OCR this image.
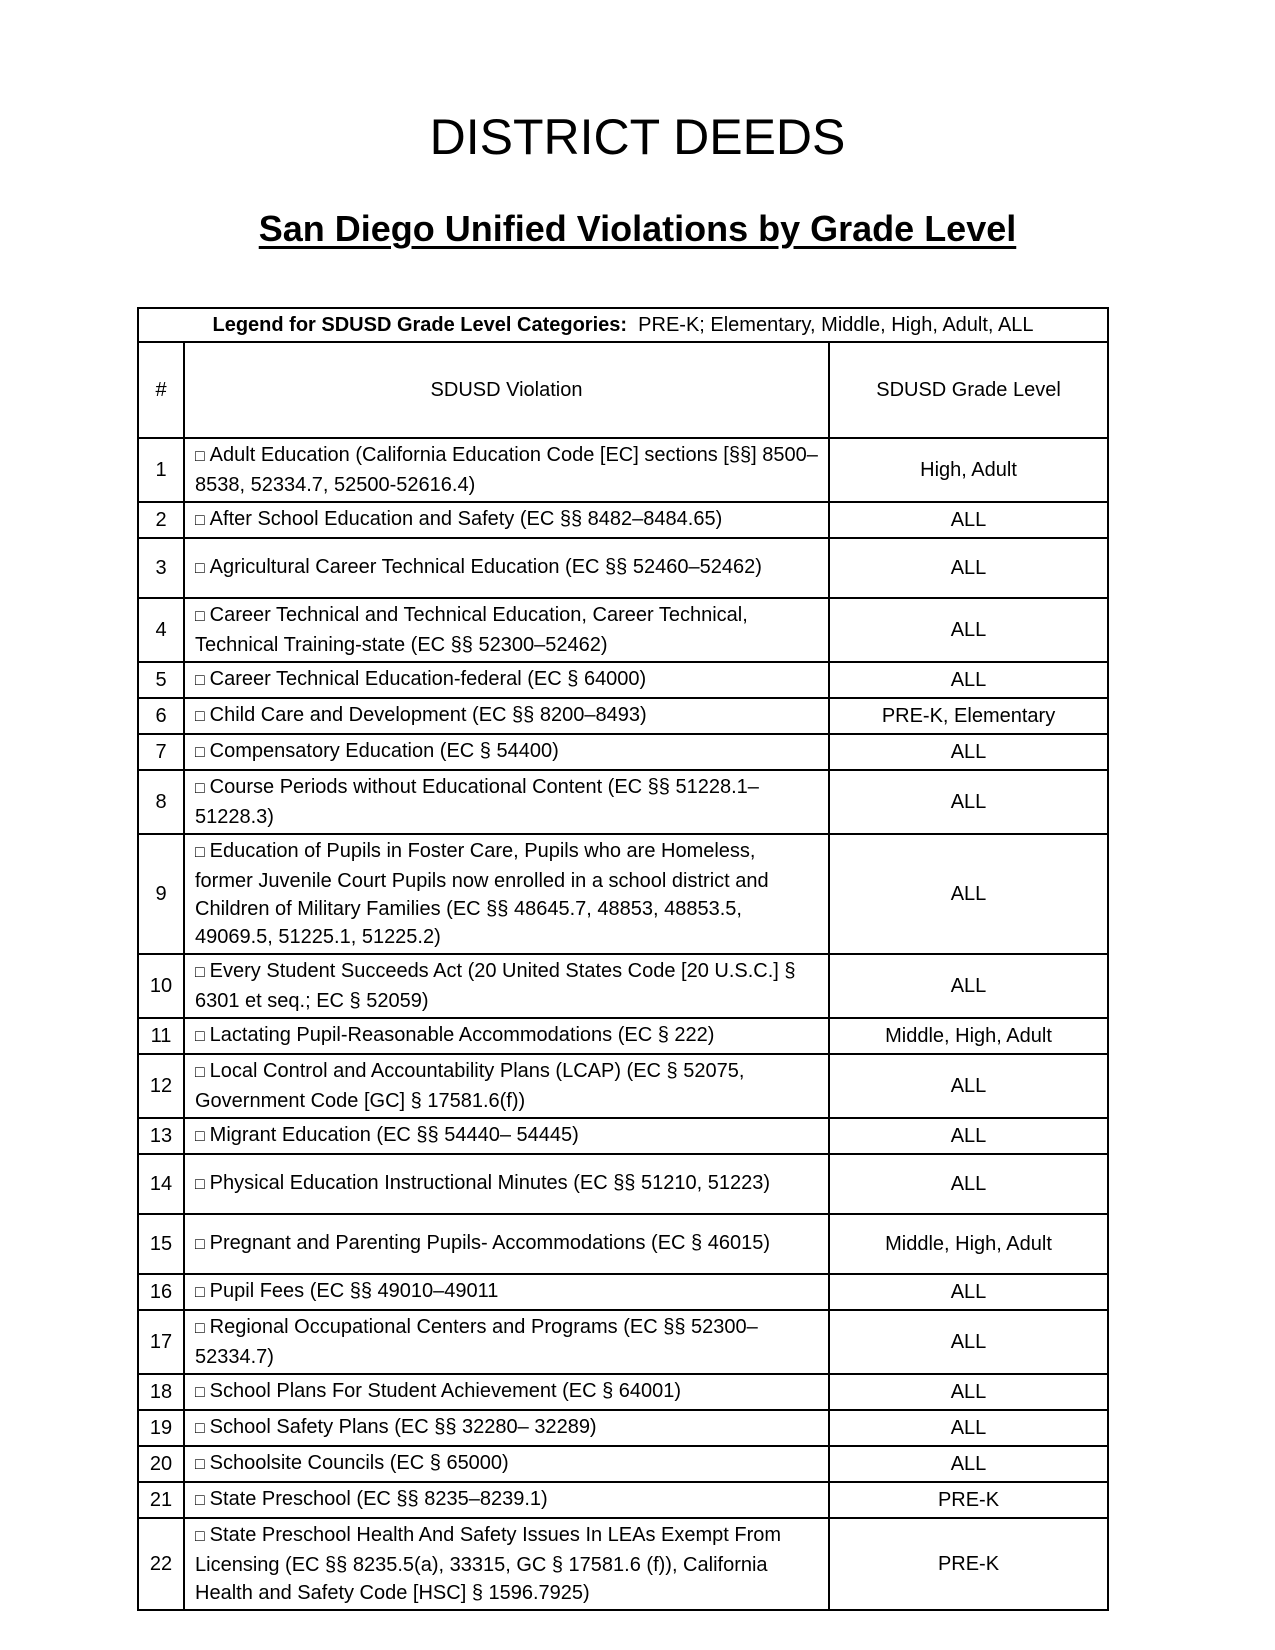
DISTRICT DEEDS
San Diego Unified Violations by Grade Level
Legend for SDUSD Grade Level Categories: PRE-K; Elementary, Middle, High, Adult, ALL		
#	SDUSD Violation	SDUSD Grade Level
1	□ Adult Education (California Education Code [EC] sections [§§] 8500–8538, 52334.7, 52500-52616.4)	High, Adult
2	□ After School Education and Safety (EC §§ 8482–8484.65)	ALL
3	□ Agricultural Career Technical Education (EC §§ 52460–52462)	ALL
4	□ Career Technical and Technical Education, Career Technical, Technical Training-state (EC §§ 52300–52462)	ALL
5	□ Career Technical Education-federal (EC § 64000)	ALL
6	□ Child Care and Development (EC §§ 8200–8493)	PRE-K, Elementary
7	□ Compensatory Education (EC § 54400)	ALL
8	□ Course Periods without Educational Content (EC §§ 51228.1–51228.3)	ALL
9	□ Education of Pupils in Foster Care, Pupils who are Homeless, former Juvenile Court Pupils now enrolled in a school district and Children of Military Families (EC §§ 48645.7, 48853, 48853.5, 49069.5, 51225.1, 51225.2)	ALL
10	□ Every Student Succeeds Act (20 United States Code [20 U.S.C.] § 6301 et seq.; EC § 52059)	ALL
11	□ Lactating Pupil-Reasonable Accommodations (EC § 222)	Middle, High, Adult
12	□ Local Control and Accountability Plans (LCAP) (EC § 52075, Government Code [GC] § 17581.6(f))	ALL
13	□ Migrant Education (EC §§ 54440– 54445)	ALL
14	□ Physical Education Instructional Minutes (EC §§ 51210, 51223)	ALL
15	□ Pregnant and Parenting Pupils- Accommodations (EC § 46015)	Middle, High, Adult
16	□ Pupil Fees (EC §§ 49010–49011	ALL
17	□ Regional Occupational Centers and Programs (EC §§ 52300–52334.7)	ALL
18	□ School Plans For Student Achievement (EC § 64001)	ALL
19	□ School Safety Plans (EC §§ 32280– 32289)	ALL
20	□ Schoolsite Councils (EC § 65000)	ALL
21	□ State Preschool (EC §§ 8235–8239.1)	PRE-K
22	□ State Preschool Health And Safety Issues In LEAs Exempt From Licensing (EC §§ 8235.5(a), 33315, GC § 17581.6 (f)), California Health and Safety Code [HSC] § 1596.7925)	PRE-K
